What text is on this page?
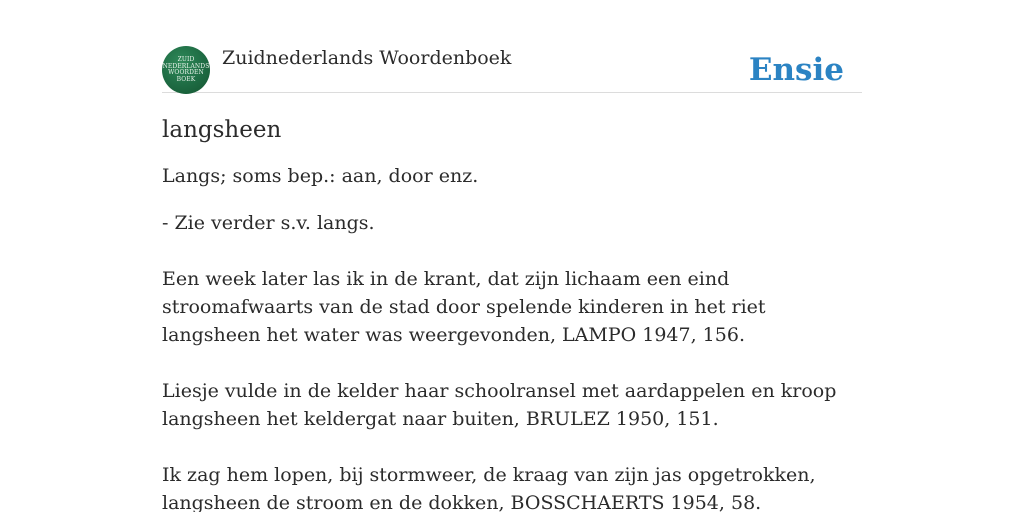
ZUID
NEDERLANDS
WOORDEN
BOEK
Zuidnederlands Woordenboek	Ensie
langsheen

Langs; soms bep.: aan, door enz.

- Zie verder s.v. langs.

Een week later las ik in de krant, dat zijn lichaam een eind stroomafwaarts van de stad door spelende kinderen in het riet langsheen het water was weergevonden, LAMPO 1947, 156.

Liesje vulde in de kelder haar schoolransel met aardappelen en kroop langsheen het keldergat naar buiten, BRULEZ 1950, 151.

Ik zag hem lopen, bij stormweer, de kraag van zijn jas opgetrokken, langsheen de stroom en de dokken, BOSSCHAERTS 1954, 58.
